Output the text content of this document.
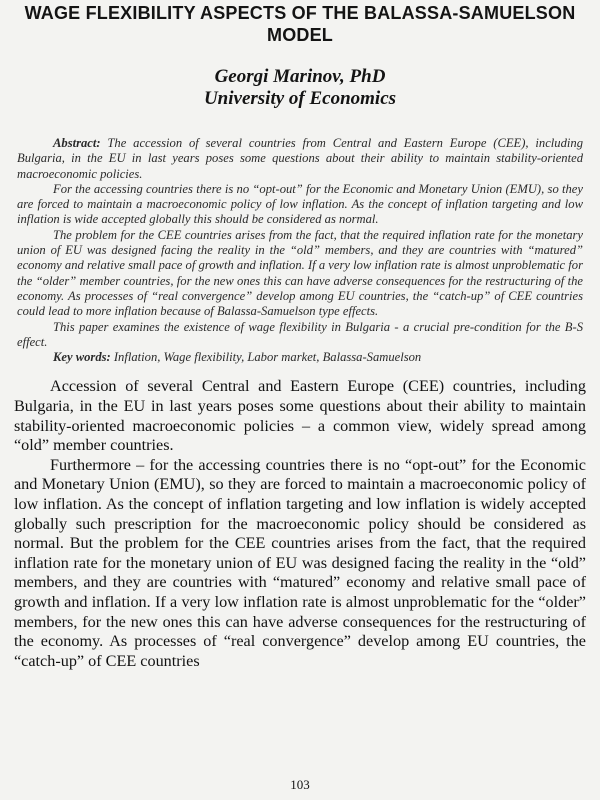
WAGE FLEXIBILITY ASPECTS OF THE BALASSA-SAMUELSON MODEL
Georgi Marinov, PhD
University of Economics

Abstract: The accession of several countries from Central and Eastern Europe (CEE), including Bulgaria, in the EU in last years poses some questions about their ability to maintain stability-oriented macroeconomic policies.

For the accessing countries there is no “opt-out” for the Economic and Monetary Union (EMU), so they are forced to maintain a macroeconomic policy of low inflation. As the concept of inflation targeting and low inflation is wide accepted globally this should be considered as normal.

The problem for the CEE countries arises from the fact, that the required inflation rate for the monetary union of EU was designed facing the reality in the “old” members, and they are countries with “matured” economy and relative small pace of growth and inflation. If a very low inflation rate is almost unproblematic for the “older” member countries, for the new ones this can have adverse consequences for the restructuring of the economy. As processes of “real convergence” develop among EU countries, the “catch-up” of CEE countries could lead to more inflation because of Balassa-Samuelson type effects.

This paper examines the existence of wage flexibility in Bulgaria - a crucial pre-condition for the B-S effect.

Key words: Inflation, Wage flexibility, Labor market, Balassa-Samuelson

Accession of several Central and Eastern Europe (CEE) countries, including Bulgaria, in the EU in last years poses some questions about their ability to maintain stability-oriented macroeconomic policies – a common view, widely spread among “old” member countries.

Furthermore – for the accessing countries there is no “opt-out” for the Economic and Monetary Union (EMU), so they are forced to maintain a macroeconomic policy of low inflation. As the concept of inflation targeting and low inflation is widely accepted globally such prescription for the macroeconomic policy should be considered as normal. But the problem for the CEE countries arises from the fact, that the required inflation rate for the monetary union of EU was designed facing the reality in the “old” members, and they are countries with “matured” economy and relative small pace of growth and inflation. If a very low inflation rate is almost unproblematic for the “older” members, for the new ones this can have adverse consequences for the restructuring of the economy. As processes of “real convergence” develop among EU countries, the “catch-up” of CEE countries

103
